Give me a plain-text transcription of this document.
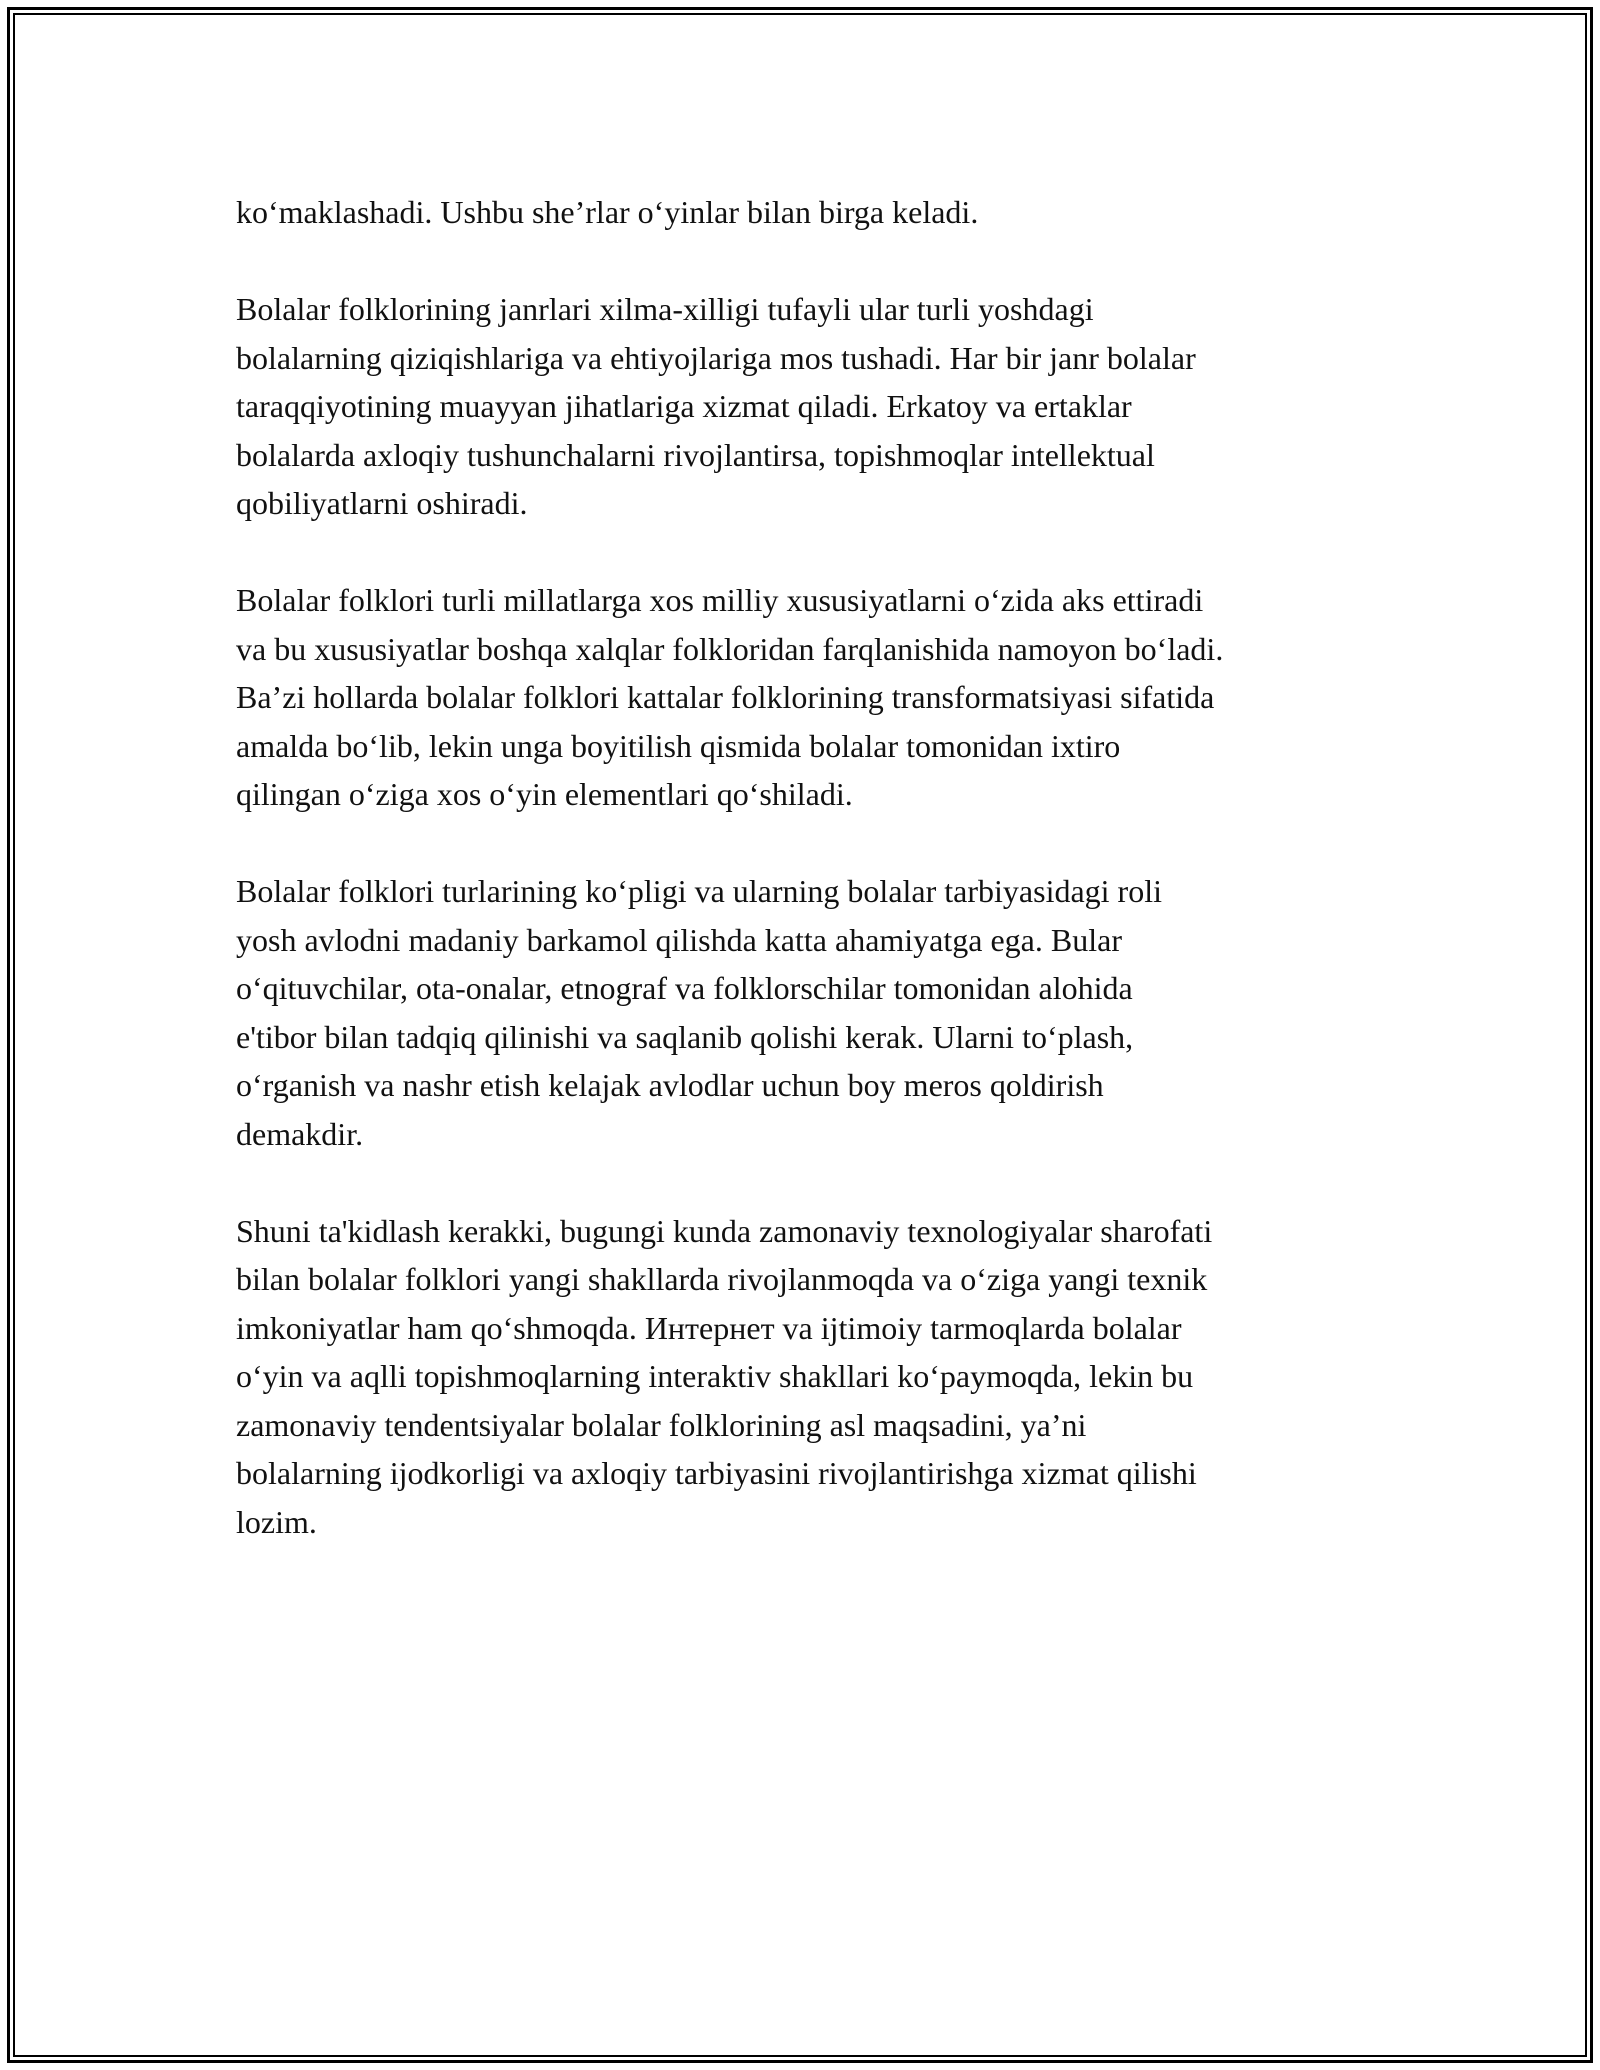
ko‘maklashadi. Ushbu she’rlar o‘yinlar bilan birga keladi.

Bolalar folklorining janrlari xilma-xilligi tufayli ular turli yoshdagi
bolalarning qiziqishlariga va ehtiyojlariga mos tushadi. Har bir janr bolalar
taraqqiyotining muayyan jihatlariga xizmat qiladi. Erkatoy va ertaklar
bolalarda axloqiy tushunchalarni rivojlantirsa, topishmoqlar intellektual
qobiliyatlarni oshiradi.

Bolalar folklori turli millatlarga xos milliy xususiyatlarni o‘zida aks ettiradi
va bu xususiyatlar boshqa xalqlar folkloridan farqlanishida namoyon bo‘ladi.
Ba’zi hollarda bolalar folklori kattalar folklorining transformatsiyasi sifatida
amalda bo‘lib, lekin unga boyitilish qismida bolalar tomonidan ixtiro
qilingan o‘ziga xos o‘yin elementlari qo‘shiladi.

Bolalar folklori turlarining ko‘pligi va ularning bolalar tarbiyasidagi roli
yosh avlodni madaniy barkamol qilishda katta ahamiyatga ega. Bular
o‘qituvchilar, ota-onalar, etnograf va folklorschilar tomonidan alohida
e'tibor bilan tadqiq qilinishi va saqlanib qolishi kerak. Ularni to‘plash,
o‘rganish va nashr etish kelajak avlodlar uchun boy meros qoldirish
demakdir.

Shuni ta'kidlash kerakki, bugungi kunda zamonaviy texnologiyalar sharofati
bilan bolalar folklori yangi shakllarda rivojlanmoqda va o‘ziga yangi texnik
imkoniyatlar ham qo‘shmoqda. Интернет va ijtimoiy tarmoqlarda bolalar
o‘yin va aqlli topishmoqlarning interaktiv shakllari ko‘paymoqda, lekin bu
zamonaviy tendentsiyalar bolalar folklorining asl maqsadini, ya’ni
bolalarning ijodkorligi va axloqiy tarbiyasini rivojlantirishga xizmat qilishi
lozim.
